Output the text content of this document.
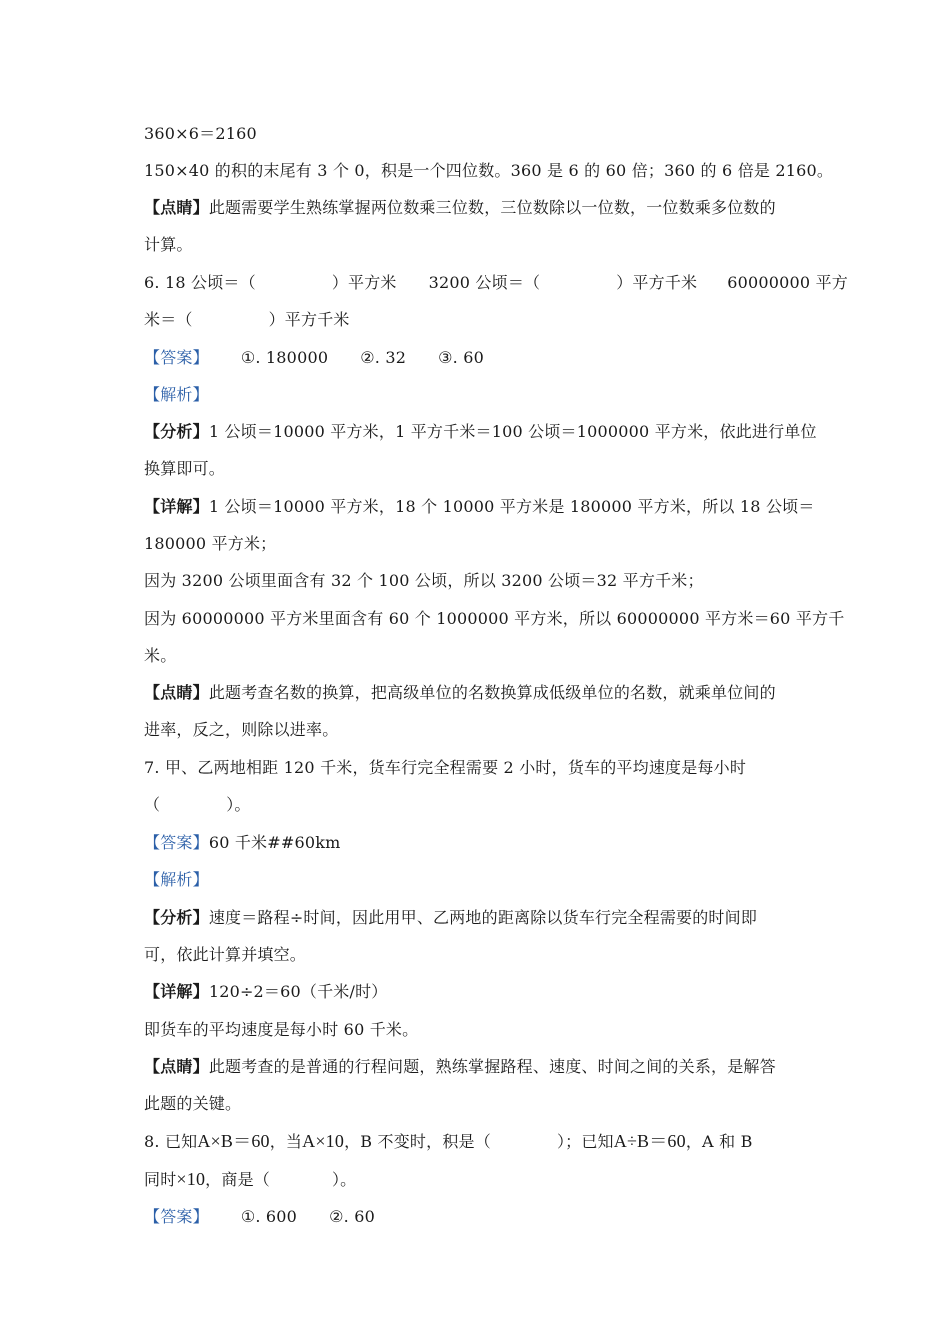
360×6＝2160
150×40 的积的末尾有 3 个 0，积是一个四位数。360 是 6 的 60 倍；360 的 6 倍是 2160。
【点睛】此题需要学生熟练掌握两位数乘三位数，三位数除以一位数，一位数乘多位数的
计算。
6. 18 公顷＝（	）平方米 3200 公顷＝（	）平方千米 60000000 平方
米＝（	）平方千米
【答案】 ①. 180000 ②. 32 ③. 60
【解析】
【分析】1 公顷＝10000 平方米，1 平方千米＝100 公顷＝1000000 平方米，依此进行单位
换算即可。
【详解】1 公顷＝10000 平方米，18 个 10000 平方米是 180000 平方米，所以 18 公顷＝
180000 平方米；
因为 3200 公顷里面含有 32 个 100 公顷，所以 3200 公顷＝32 平方千米；
因为 60000000 平方米里面含有 60 个 1000000 平方米，所以 60000000 平方米＝60 平方千
米。
【点睛】此题考查名数的换算，把高级单位的名数换算成低级单位的名数，就乘单位间的
进率，反之，则除以进率。
7. 甲、乙两地相距 120 千米，货车行完全程需要 2 小时，货车的平均速度是每小时
（	）。
【答案】60 千米##60km
【解析】
【分析】速度＝路程÷时间，因此用甲、乙两地的距离除以货车行完全程需要的时间即
可，依此计算并填空。
【详解】120÷2＝60（千米/时）
即货车的平均速度是每小时 60 千米。
【点睛】此题考查的是普通的行程问题，熟练掌握路程、速度、时间之间的关系，是解答
此题的关键。
8. 已知A×B＝60，当A×10，B 不变时，积是（	）；已知A÷B＝60，A 和 B
同时×10，商是（	）。
【答案】 ①. 600 ②. 60
